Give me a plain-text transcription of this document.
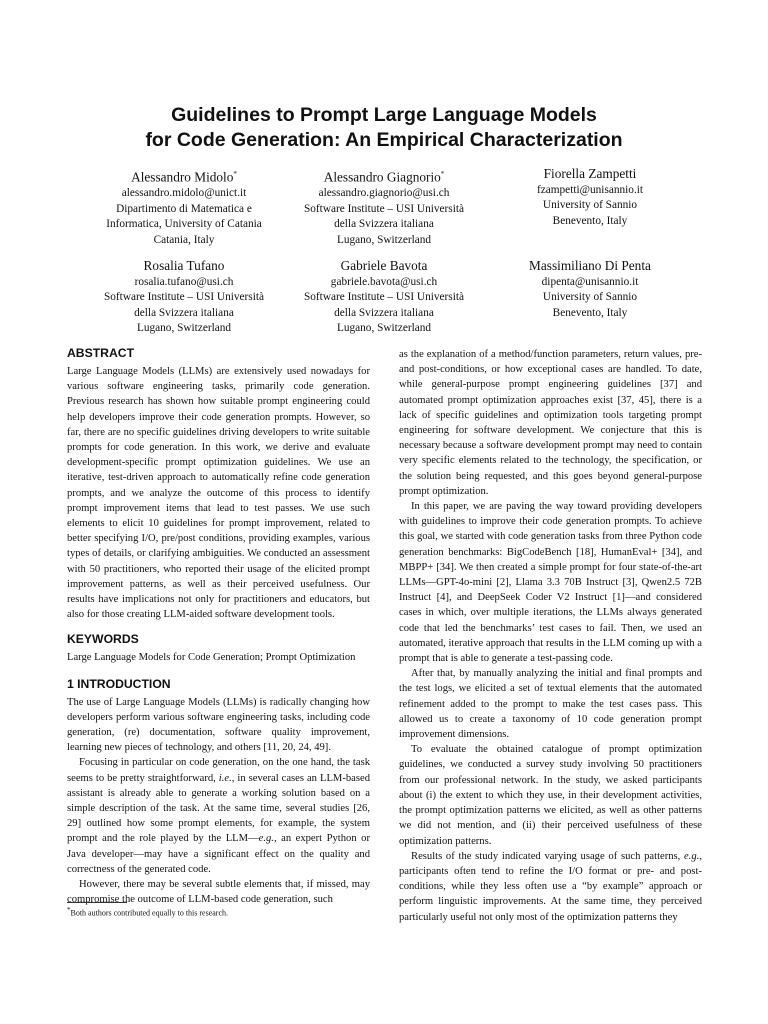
Guidelines to Prompt Large Language Models
for Code Generation: An Empirical Characterization
Alessandro Midolo*
alessandro.midolo@unict.it
Dipartimento di Matematica e
Informatica, University of Catania
Catania, Italy
Alessandro Giagnorio*
alessandro.giagnorio@usi.ch
Software Institute – USI Università
della Svizzera italiana
Lugano, Switzerland
Fiorella Zampetti
fzampetti@unisannio.it
University of Sannio
Benevento, Italy
Rosalia Tufano
rosalia.tufano@usi.ch
Software Institute – USI Università
della Svizzera italiana
Lugano, Switzerland
Gabriele Bavota
gabriele.bavota@usi.ch
Software Institute – USI Università
della Svizzera italiana
Lugano, Switzerland
Massimiliano Di Penta
dipenta@unisannio.it
University of Sannio
Benevento, Italy
ABSTRACT

Large Language Models (LLMs) are extensively used nowadays for various software engineering tasks, primarily code generation. Previous research has shown how suitable prompt engineering could help developers improve their code generation prompts. However, so far, there are no specific guidelines driving developers to write suitable prompts for code generation. In this work, we derive and evaluate development-specific prompt optimization guidelines. We use an iterative, test-driven approach to automatically refine code generation prompts, and we analyze the outcome of this process to identify prompt improvement items that lead to test passes. We use such elements to elicit 10 guidelines for prompt improvement, related to better specifying I/O, pre/post conditions, providing examples, various types of details, or clarifying ambiguities. We conducted an assessment with 50 practitioners, who reported their usage of the elicited prompt improvement patterns, as well as their perceived usefulness. Our results have implications not only for practitioners and educators, but also for those creating LLM-aided software development tools.

KEYWORDS

Large Language Models for Code Generation; Prompt Optimization

1 INTRODUCTION

The use of Large Language Models (LLMs) is radically changing how developers perform various software engineering tasks, including code generation, (re) documentation, software quality improvement, learning new pieces of technology, and others [11, 20, 24, 49].

Focusing in particular on code generation, on the one hand, the task seems to be pretty straightforward, i.e., in several cases an LLM-based assistant is already able to generate a working solution based on a simple description of the task. At the same time, several studies [26, 29] outlined how some prompt elements, for example, the system prompt and the role played by the LLM—e.g., an expert Python or Java developer—may have a significant effect on the quality and correctness of the generated code.

However, there may be several subtle elements that, if missed, may compromise the outcome of LLM-based code generation, such

as the explanation of a method/function parameters, return values, pre- and post-conditions, or how exceptional cases are handled. To date, while general-purpose prompt engineering guidelines [37] and automated prompt optimization approaches exist [37, 45], there is a lack of specific guidelines and optimization tools targeting prompt engineering for software development. We conjecture that this is necessary because a software development prompt may need to contain very specific elements related to the technology, the specification, or the solution being requested, and this goes beyond general-purpose prompt optimization.

In this paper, we are paving the way toward providing developers with guidelines to improve their code generation prompts. To achieve this goal, we started with code generation tasks from three Python code generation benchmarks: BigCodeBench [18], HumanEval+ [34], and MBPP+ [34]. We then created a simple prompt for four state-of-the-art LLMs—GPT-4o-mini [2], Llama 3.3 70B Instruct [3], Qwen2.5 72B Instruct [4], and DeepSeek Coder V2 Instruct [1]—and considered cases in which, over multiple iterations, the LLMs always generated code that led the benchmarks’ test cases to fail. Then, we used an automated, iterative approach that results in the LLM coming up with a prompt that is able to generate a test-passing code.

After that, by manually analyzing the initial and final prompts and the test logs, we elicited a set of textual elements that the automated refinement added to the prompt to make the test cases pass. This allowed us to create a taxonomy of 10 code generation prompt improvement dimensions.

To evaluate the obtained catalogue of prompt optimization guidelines, we conducted a survey study involving 50 practitioners from our professional network. In the study, we asked participants about (i) the extent to which they use, in their development activities, the prompt optimization patterns we elicited, as well as other patterns we did not mention, and (ii) their perceived usefulness of these optimization patterns.

Results of the study indicated varying usage of such patterns, e.g., participants often tend to refine the I/O format or pre- and post-conditions, while they less often use a “by example” approach or perform linguistic improvements. At the same time, they perceived particularly useful not only most of the optimization patterns they

*Both authors contributed equally to this research.
